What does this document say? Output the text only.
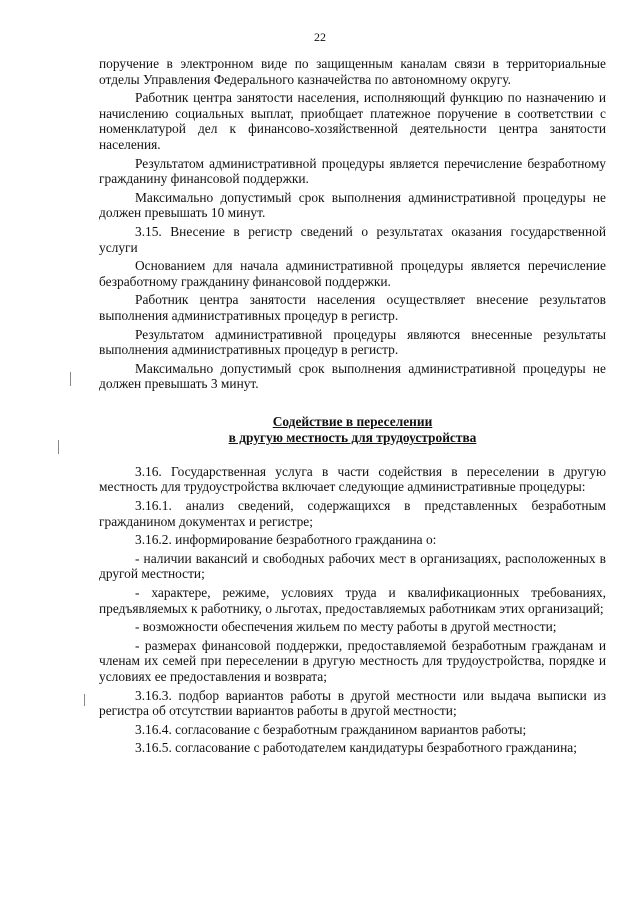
22

поручение в электронном виде по защищенным каналам связи в территориальные отделы Управления Федерального казначейства по автономному округу.

Работник центра занятости населения, исполняющий функцию по назначению и начислению социальных выплат, приобщает платежное поручение в соответствии с номенклатурой дел к финансово-хозяйственной деятельности центра занятости населения.

Результатом административной процедуры является перечисление безработному гражданину финансовой поддержки.

Максимально допустимый срок выполнения административной процедуры не должен превышать 10 минут.

3.15. Внесение в регистр сведений о результатах оказания государственной услуги

Основанием для начала административной процедуры является перечисление безработному гражданину финансовой поддержки.

Работник центра занятости населения осуществляет внесение результатов выполнения административных процедур в регистр.

Результатом административной процедуры являются внесенные результаты выполнения административных процедур в регистр.

Максимально допустимый срок выполнения административной процедуры не должен превышать 3 минут.

Содействие в переселении
в другую местность для трудоустройства

3.16. Государственная услуга в части содействия в переселении в другую местность для трудоустройства включает следующие административные процедуры:

3.16.1. анализ сведений, содержащихся в представленных безработным гражданином документах и регистре;

3.16.2. информирование безработного гражданина о:

- наличии вакансий и свободных рабочих мест в организациях, расположенных в другой местности;

- характере, режиме, условиях труда и квалификационных требованиях, предъявляемых к работнику, о льготах, предоставляемых работникам этих организаций;

- возможности обеспечения жильем по месту работы в другой местности;

- размерах финансовой поддержки, предоставляемой безработным гражданам и членам их семей при переселении в другую местность для трудоустройства, порядке и условиях ее предоставления и возврата;

3.16.3. подбор вариантов работы в другой местности или выдача выписки из регистра об отсутствии вариантов работы в другой местности;

3.16.4. согласование с безработным гражданином вариантов работы;

3.16.5. согласование с работодателем кандидатуры безработного гражданина;
